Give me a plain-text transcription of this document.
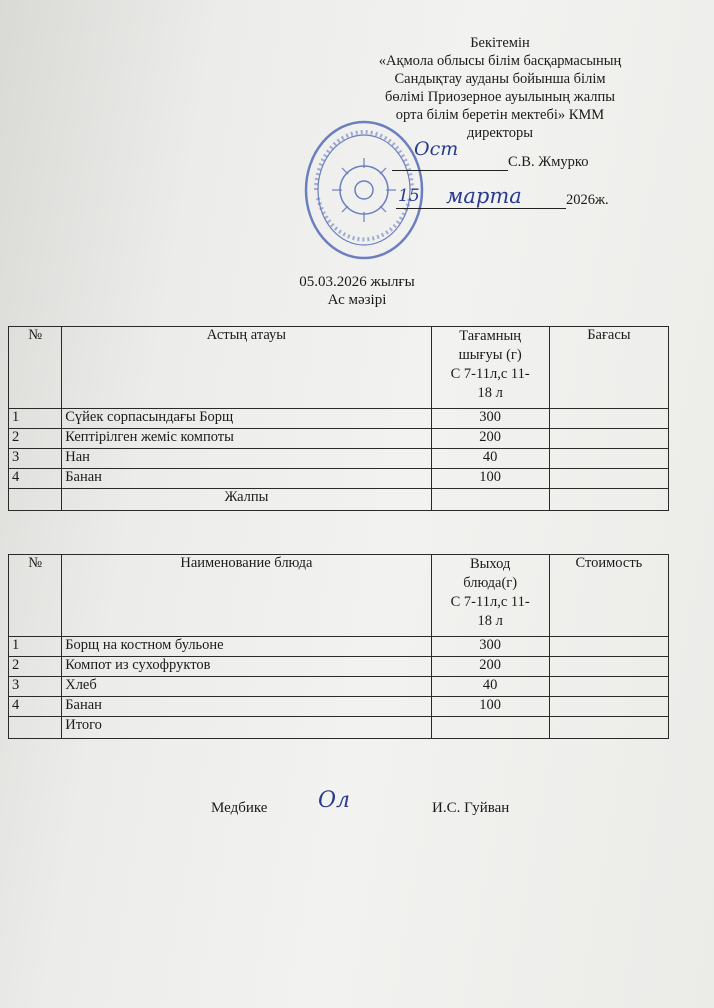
Бекітемін
«Ақмола облысы білім басқармасының
Сандықтау ауданы бойынша білім
бөлімі Приозерное ауылының жалпы
орта білім беретін мектебі» КММ
директоры
С.В. Жмурко
Ост
15 марта	2026ж.
05.03.2026 жылғы
Ас мәзірі
№	Астың атауы	Тағамның
шығуы (г)
С 7-11л,с 11-
18 л	Бағасы
1	Сүйек сорпасындағы Борщ	300	
2	Кептірілген жеміс компоты	200	
3	Нан	40	
4	Банан	100	
	Жалпы		
№	Наименование блюда	Выход
блюда(г)
С 7-11л,с 11-
18 л	Стоимость
1	Борщ на костном бульоне	300	
2	Компот из сухофруктов	200	
3	Хлеб	40	
4	Банан	100	
	Итого		
Медбике Ол	И.С. Гуйван
